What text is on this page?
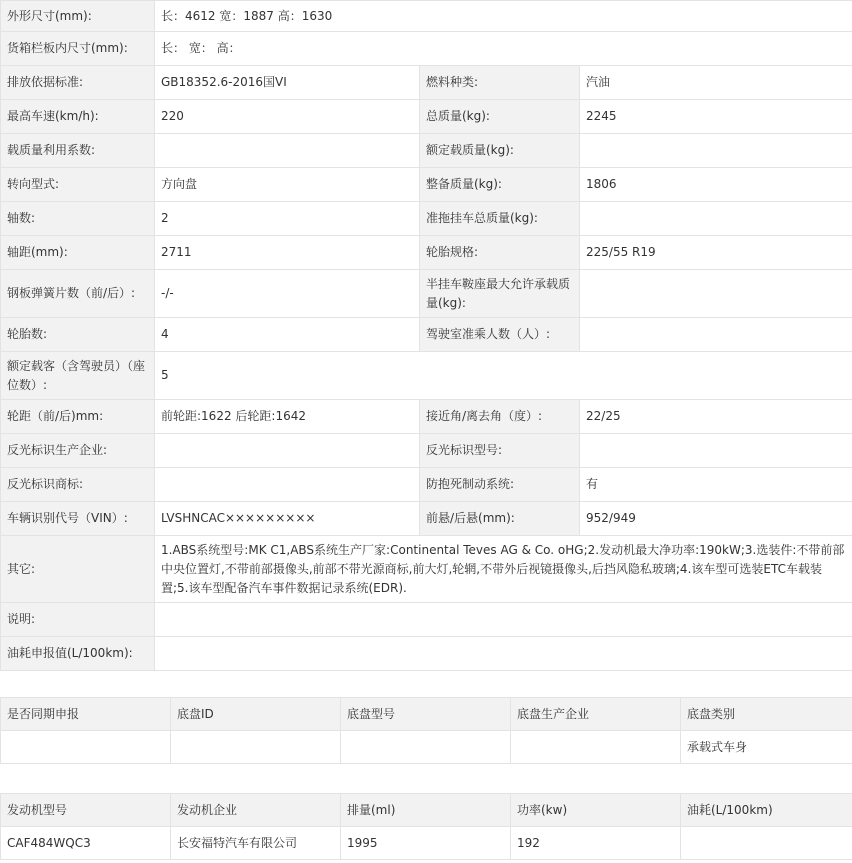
外形尺寸(mm):	长：4612 宽：1887 高：1630		
货箱栏板内尺寸(mm):	长： 宽： 高：		
排放依据标准:	GB18352.6-2016国VI	燃料种类:	汽油
最高车速(km/h):	220	总质量(kg):	2245
载质量利用系数:		额定载质量(kg):	
转向型式:	方向盘	整备质量(kg):	1806
轴数:	2	准拖挂车总质量(kg):	
轴距(mm):	2711	轮胎规格:	225/55 R19
钢板弹簧片数（前/后）:	-/-	半挂车鞍座最大允许承载质量(kg):	
轮胎数:	4	驾驶室准乘人数（人）:	
额定载客（含驾驶员）（座位数）:	5		
轮距（前/后)mm:	前轮距:1622 后轮距:1642	接近角/离去角（度）:	22/25
反光标识生产企业:		反光标识型号:	
反光标识商标:		防抱死制动系统:	有
车辆识别代号（VIN）:	LVSHNCAC×××××××××	前悬/后悬(mm):	952/949
其它:	1.ABS系统型号:MK C1,ABS系统生产厂家:Continental Teves AG & Co. oHG;2.发动机最大净功率:190kW;3.选装件:不带前部中央位置灯,不带前部摄像头,前部不带光源商标,前大灯,轮辋,不带外后视镜摄像头,后挡风隐私玻璃;4.该车型可选装ETC车载装置;5.该车型配备汽车事件数据记录系统(EDR).		
说明:			
油耗申报值(L/100km):			
是否同期申报	底盘ID	底盘型号	底盘生产企业	底盘类别
				承载式车身
发动机型号	发动机企业	排量(ml)	功率(kw)	油耗(L/100km)
CAF484WQC3	长安福特汽车有限公司	1995	192	
